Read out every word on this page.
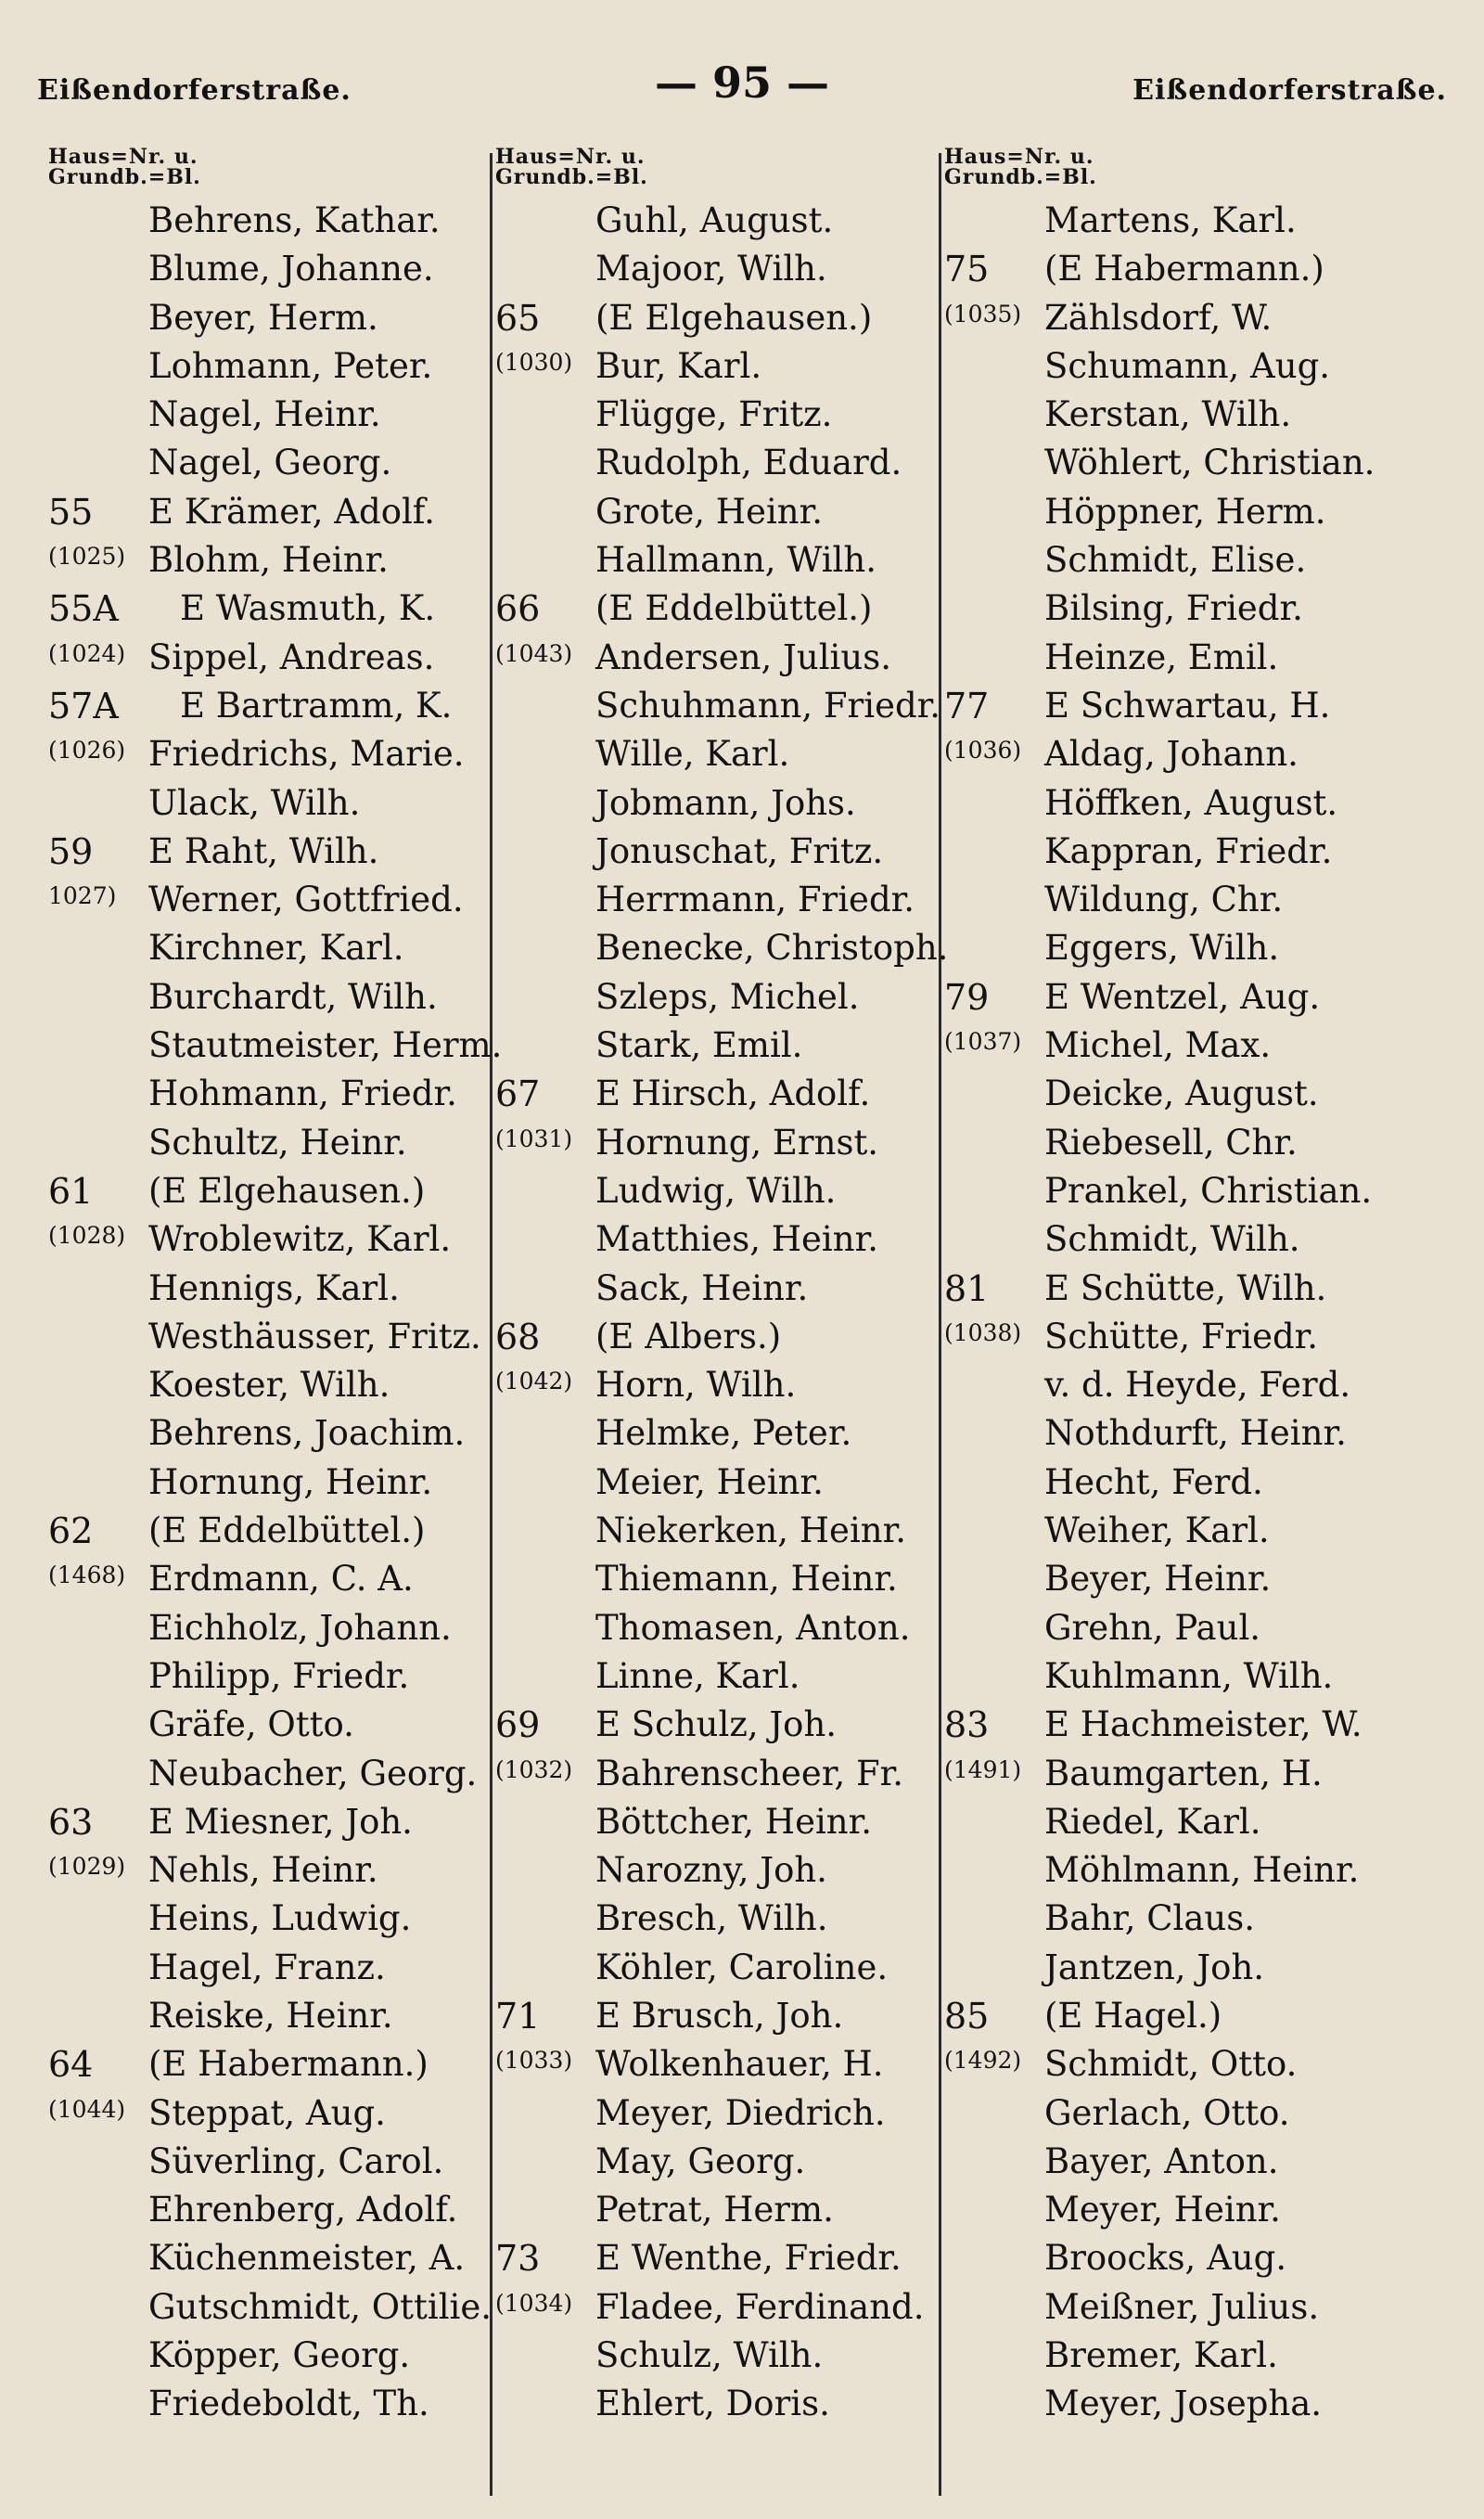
Eißendorferstraße.	— 95 —	Eißendorferstraße.
Haus=Nr. u.
Grundb.=Bl.
Behrens, Kathar.
Blume, Johanne.
Beyer, Herm.
Lohmann, Peter.
Nagel, Heinr.
Nagel, Georg.
55 E Krämer, Adolf.
(1025) Blohm, Heinr.
55A E Wasmuth, K.
(1024) Sippel, Andreas.
57A E Bartramm, K.
(1026) Friedrichs, Marie.
Ulack, Wilh.
59 E Raht, Wilh.
1027) Werner, Gottfried.
Kirchner, Karl.
Burchardt, Wilh.
Stautmeister, Herm.
Hohmann, Friedr.
Schultz, Heinr.
61 (E Elgehausen.)
(1028) Wroblewitz, Karl.
Hennigs, Karl.
Westhäusser, Fritz.
Koester, Wilh.
Behrens, Joachim.
Hornung, Heinr.
62 (E Eddelbüttel.)
(1468) Erdmann, C. A.
Eichholz, Johann.
Philipp, Friedr.
Gräfe, Otto.
Neubacher, Georg.
63 E Miesner, Joh.
(1029) Nehls, Heinr.
Heins, Ludwig.
Hagel, Franz.
Reiske, Heinr.
64 (E Habermann.)
(1044) Steppat, Aug.
Süverling, Carol.
Ehrenberg, Adolf.
Küchenmeister, A.
Gutschmidt, Ottilie.
Köpper, Georg.
Friedeboldt, Th.
Haus=Nr. u.
Grundb.=Bl.
Guhl, August.
Majoor, Wilh.
65 (E Elgehausen.)
(1030) Bur, Karl.
Flügge, Fritz.
Rudolph, Eduard.
Grote, Heinr.
Hallmann, Wilh.
66 (E Eddelbüttel.)
(1043) Andersen, Julius.
Schuhmann, Friedr.
Wille, Karl.
Jobmann, Johs.
Jonuschat, Fritz.
Herrmann, Friedr.
Benecke, Christoph.
Szleps, Michel.
Stark, Emil.
67 E Hirsch, Adolf.
(1031) Hornung, Ernst.
Ludwig, Wilh.
Matthies, Heinr.
Sack, Heinr.
68 (E Albers.)
(1042) Horn, Wilh.
Helmke, Peter.
Meier, Heinr.
Niekerken, Heinr.
Thiemann, Heinr.
Thomasen, Anton.
Linne, Karl.
69 E Schulz, Joh.
(1032) Bahrenscheer, Fr.
Böttcher, Heinr.
Narozny, Joh.
Bresch, Wilh.
Köhler, Caroline.
71 E Brusch, Joh.
(1033) Wolkenhauer, H.
Meyer, Diedrich.
May, Georg.
Petrat, Herm.
73 E Wenthe, Friedr.
(1034) Fladee, Ferdinand.
Schulz, Wilh.
Ehlert, Doris.
Haus=Nr. u.
Grundb.=Bl.
Martens, Karl.
75 (E Habermann.)
(1035) Zählsdorf, W.
Schumann, Aug.
Kerstan, Wilh.
Wöhlert, Christian.
Höppner, Herm.
Schmidt, Elise.
Bilsing, Friedr.
Heinze, Emil.
77 E Schwartau, H.
(1036) Aldag, Johann.
Höffken, August.
Kappran, Friedr.
Wildung, Chr.
Eggers, Wilh.
79 E Wentzel, Aug.
(1037) Michel, Max.
Deicke, August.
Riebesell, Chr.
Prankel, Christian.
Schmidt, Wilh.
81 E Schütte, Wilh.
(1038) Schütte, Friedr.
v. d. Heyde, Ferd.
Nothdurft, Heinr.
Hecht, Ferd.
Weiher, Karl.
Beyer, Heinr.
Grehn, Paul.
Kuhlmann, Wilh.
83 E Hachmeister, W.
(1491) Baumgarten, H.
Riedel, Karl.
Möhlmann, Heinr.
Bahr, Claus.
Jantzen, Joh.
85 (E Hagel.)
(1492) Schmidt, Otto.
Gerlach, Otto.
Bayer, Anton.
Meyer, Heinr.
Broocks, Aug.
Meißner, Julius.
Bremer, Karl.
Meyer, Josepha.
